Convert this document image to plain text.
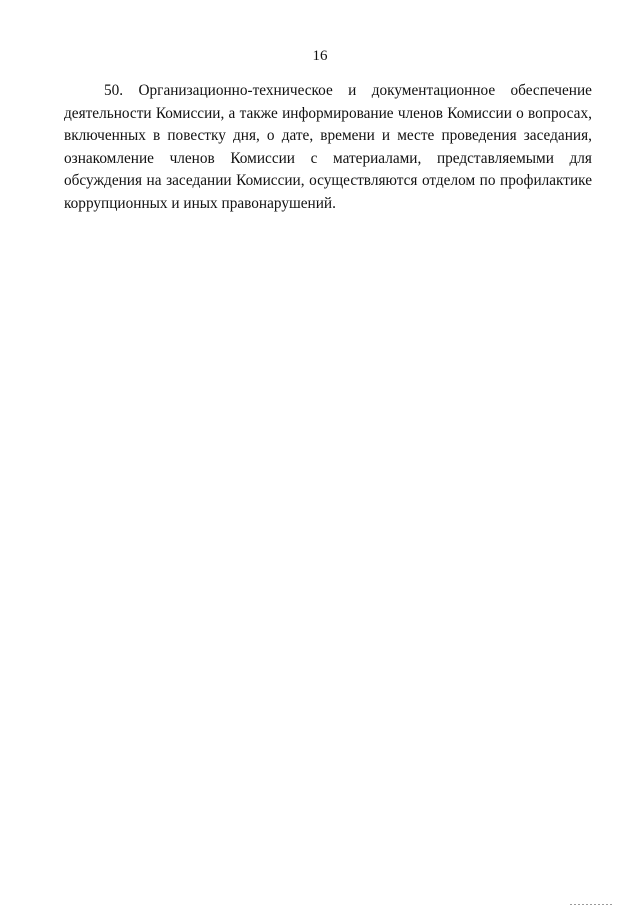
16
50. Организационно-техническое и документационное обеспечение
деятельности Комиссии, а также информирование членов Комиссии о вопросах,
включенных в повестку дня, о дате, времени и месте проведения заседания,
ознакомление членов Комиссии с материалами, представляемыми для
обсуждения на заседании Комиссии, осуществляются отделом по профилактике
коррупционных и иных правонарушений.
